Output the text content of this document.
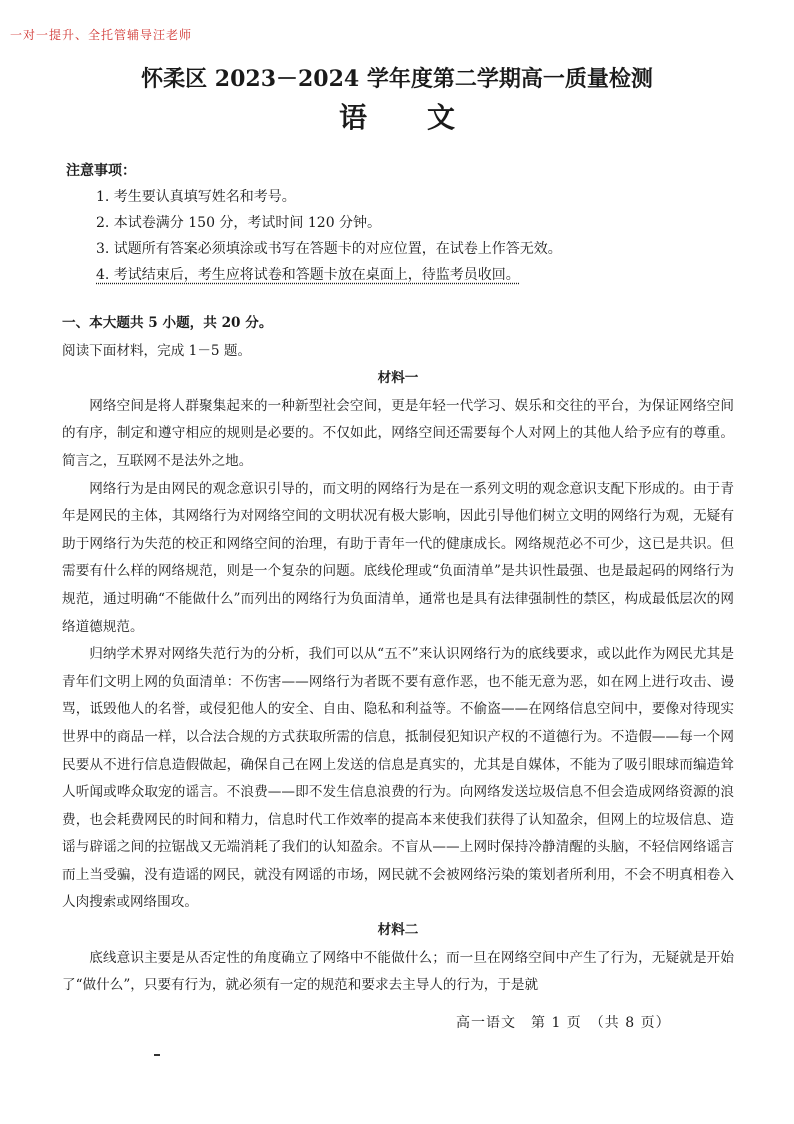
一对一提升、全托管辅导汪老师
怀柔区 2023－2024 学年度第二学期高一质量检测
语文
注意事项：
1. 考生要认真填写姓名和考号。
2. 本试卷满分 150 分，考试时间 120 分钟。
3. 试题所有答案必须填涂或书写在答题卡的对应位置，在试卷上作答无效。
4. 考试结束后，考生应将试卷和答题卡放在桌面上，待监考员收回。
一、本大题共 5 小题，共 20 分。
阅读下面材料，完成 1－5 题。
材料一

网络空间是将人群聚集起来的一种新型社会空间，更是年轻一代学习、娱乐和交往的平台，为保证网络空间的有序，制定和遵守相应的规则是必要的。不仅如此，网络空间还需要每个人对网上的其他人给予应有的尊重。简言之，互联网不是法外之地。

网络行为是由网民的观念意识引导的，而文明的网络行为是在一系列文明的观念意识支配下形成的。由于青年是网民的主体，其网络行为对网络空间的文明状况有极大影响，因此引导他们树立文明的网络行为观，无疑有助于网络行为失范的校正和网络空间的治理，有助于青年一代的健康成长。网络规范必不可少，这已是共识。但需要有什么样的网络规范，则是一个复杂的问题。底线伦理或“负面清单”是共识性最强、也是最起码的网络行为规范，通过明确“不能做什么”而列出的网络行为负面清单，通常也是具有法律强制性的禁区，构成最低层次的网络道德规范。

归纳学术界对网络失范行为的分析，我们可以从“五不”来认识网络行为的底线要求，或以此作为网民尤其是青年们文明上网的负面清单：不伤害——网络行为者既不要有意作恶，也不能无意为恶，如在网上进行攻击、谩骂，诋毁他人的名誉，或侵犯他人的安全、自由、隐私和利益等。不偷盗——在网络信息空间中，要像对待现实世界中的商品一样，以合法合规的方式获取所需的信息，抵制侵犯知识产权的不道德行为。不造假——每一个网民要从不进行信息造假做起，确保自己在网上发送的信息是真实的，尤其是自媒体，不能为了吸引眼球而编造耸人听闻或哗众取宠的谣言。不浪费——即不发生信息浪费的行为。向网络发送垃圾信息不但会造成网络资源的浪费，也会耗费网民的时间和精力，信息时代工作效率的提高本来使我们获得了认知盈余，但网上的垃圾信息、造谣与辟谣之间的拉锯战又无端消耗了我们的认知盈余。不盲从——上网时保持冷静清醒的头脑，不轻信网络谣言而上当受骗，没有造谣的网民，就没有网谣的市场，网民就不会被网络污染的策划者所利用，不会不明真相卷入人肉搜索或网络围攻。

材料二

底线意识主要是从否定性的角度确立了网络中不能做什么；而一旦在网络空间中产生了行为，无疑就是开始了“做什么”，只要有行为，就必须有一定的规范和要求去主导人的行为，于是就

高一语文　第 1 页　（共 8 页）
